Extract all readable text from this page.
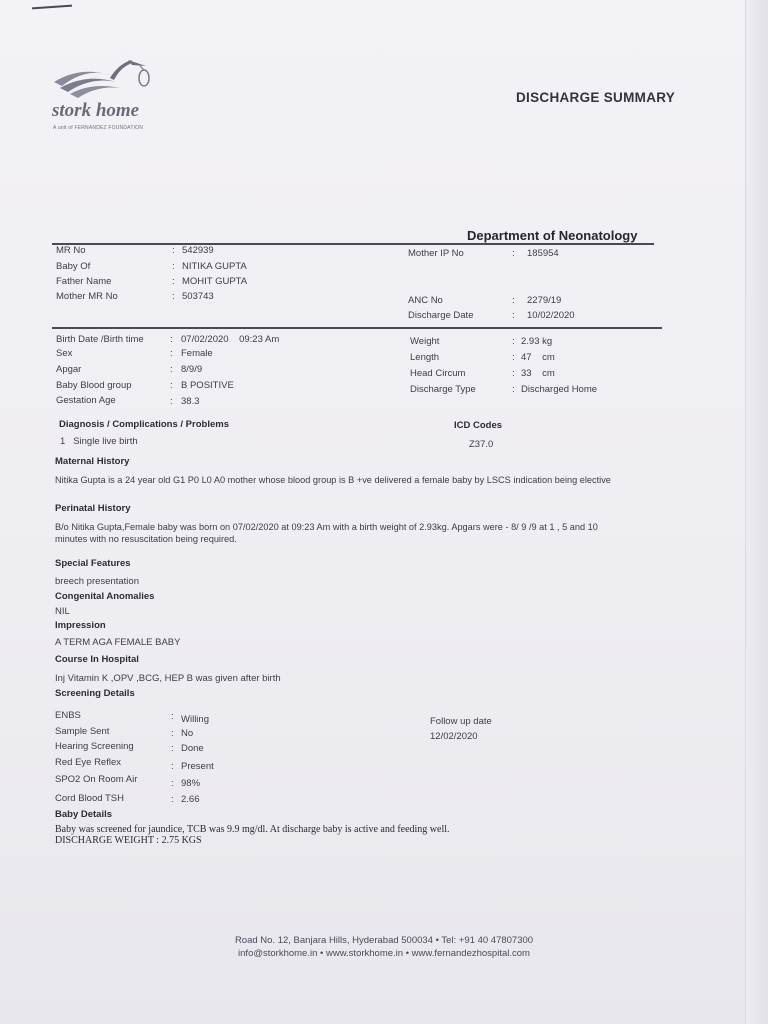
stork home
A unit of FERNANDEZ FOUNDATION
DISCHARGE SUMMARY
Department of Neonatology
MR No	: 542939
Baby Of	: NITIKA GUPTA
Father Name	: MOHIT GUPTA
Mother MR No	: 503743
Mother IP No	: 185954
ANC No	: 2279/19
Discharge Date	: 10/02/2020
Birth Date /Birth time	: 07/02/2020    09:23 Am
Sex	: Female
Apgar	: 8/9/9
Baby Blood group	: B POSITIVE
Gestation Age	: 38.3
Weight	: 2.93 kg
Length	: 47    cm
Head Circum	: 33    cm
Discharge Type	: Discharged Home
Diagnosis / Complications / Problems	ICD Codes
1   Single live birth	Z37.0
Maternal History
Nitika Gupta is a 24 year old G1 P0 L0 A0 mother whose blood group is B +ve delivered a female baby by LSCS indication being elective
Perinatal History
B/o Nitika Gupta,Female baby was born on 07/02/2020 at 09:23 Am with a birth weight of 2.93kg. Apgars were - 8/ 9 /9 at 1 , 5 and 10
minutes with no resuscitation being required.
Special Features
breech presentation
Congenital Anomalies
NIL
Impression
A TERM AGA FEMALE BABY
Course In Hospital
Inj Vitamin K ,OPV ,BCG, HEP B was given after birth
Screening Details
ENBS	: Willing
Sample Sent	: No
Hearing Screening	: Done
Red Eye Reflex	: Present
SPO2 On Room Air	: 98%
Cord Blood TSH	: 2.66
Follow up date
12/02/2020
Baby Details
Baby was screened for jaundice, TCB was 9.9 mg/dl. At discharge baby is active and feeding well.
DISCHARGE WEIGHT : 2.75 KGS
Road No. 12, Banjara Hills, Hyderabad 500034 • Tel: +91 40 47807300
info@storkhome.in • www.storkhome.in • www.fernandezhospital.com
